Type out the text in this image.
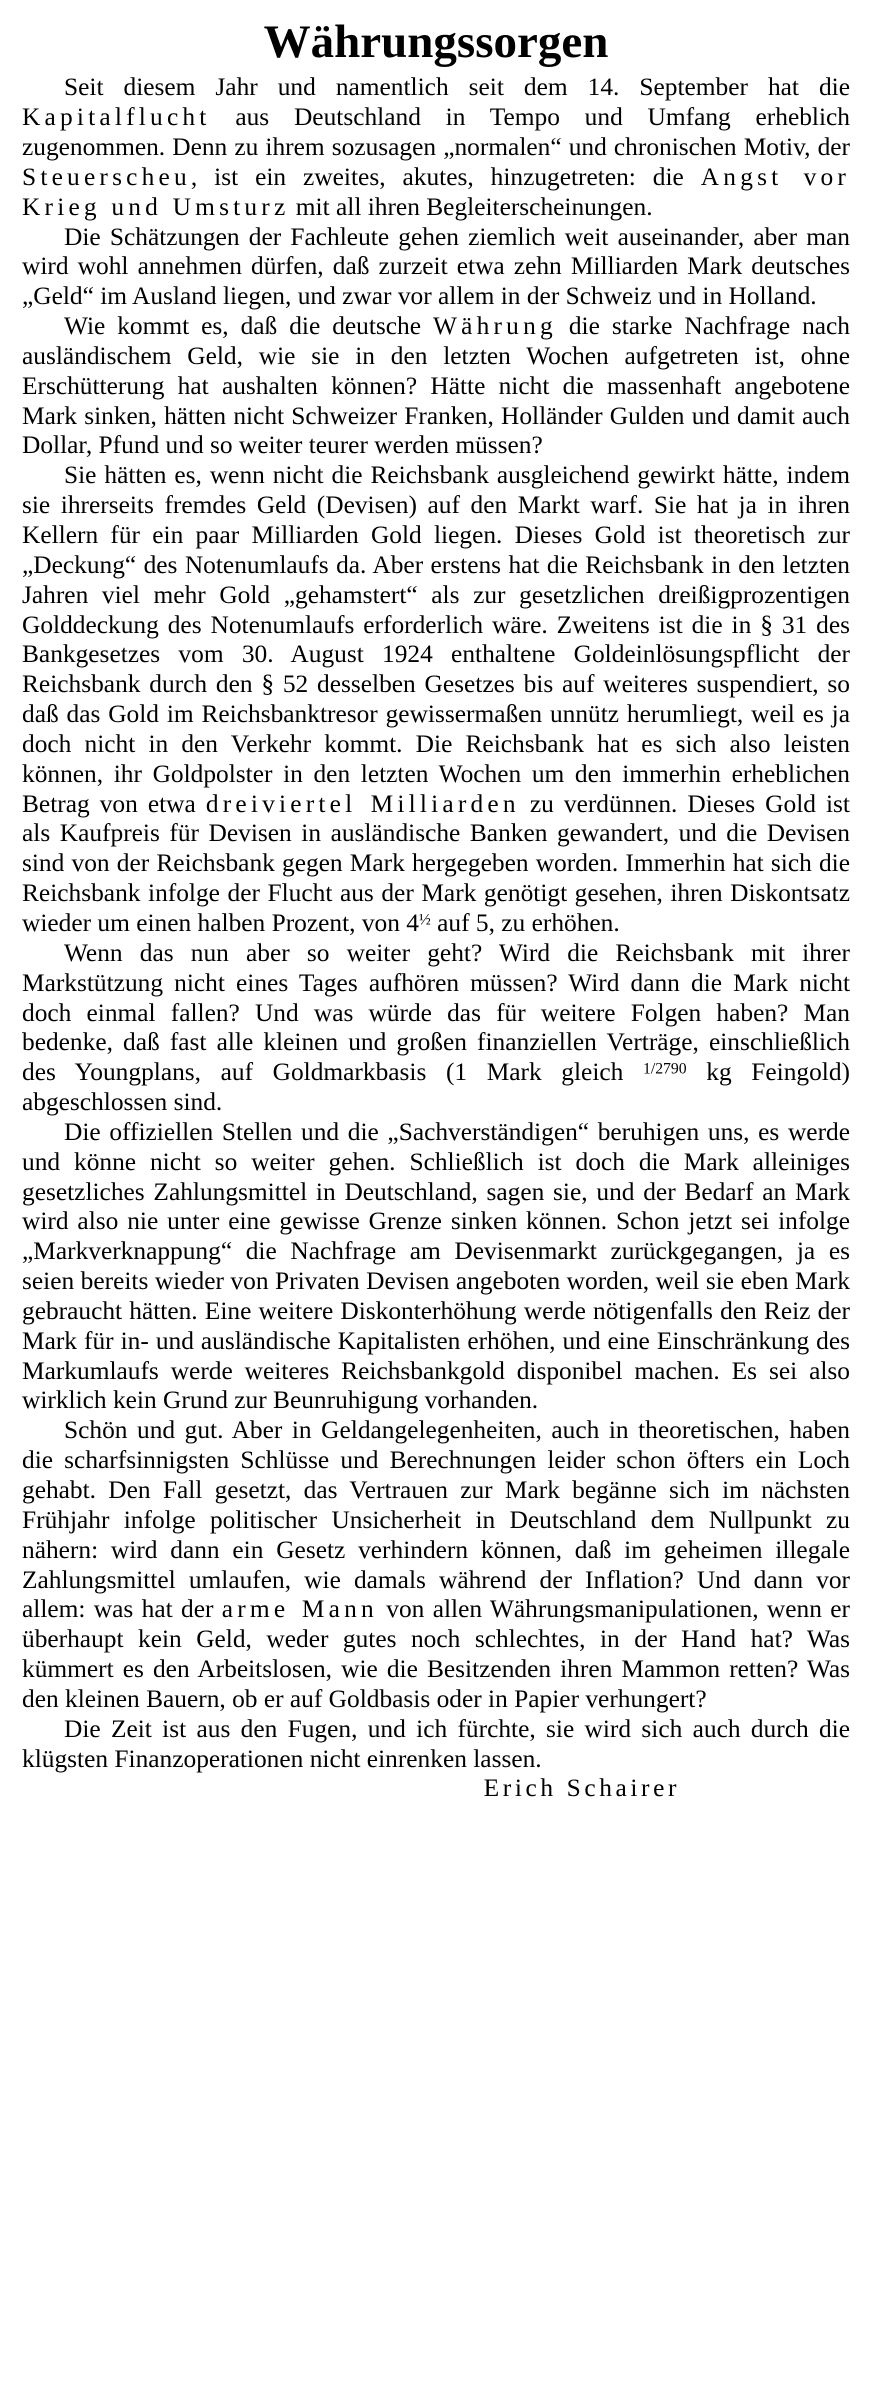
Währungssorgen

Seit diesem Jahr und namentlich seit dem 14. September hat die Kapitalflucht aus Deutschland in Tempo und Umfang erheblich zugenommen. Denn zu ihrem sozusagen „normalen“ und chronischen Motiv, der Steuerscheu, ist ein zweites, akutes, hinzugetreten: die Angst vor Krieg und Umsturz mit all ihren Begleiterscheinungen.

Die Schätzungen der Fachleute gehen ziemlich weit auseinander, aber man wird wohl annehmen dürfen, daß zurzeit etwa zehn Milliarden Mark deutsches „Geld“ im Ausland liegen, und zwar vor allem in der Schweiz und in Holland.

Wie kommt es, daß die deutsche Währung die starke Nachfrage nach ausländischem Geld, wie sie in den letzten Wochen aufgetreten ist, ohne Erschütterung hat aushalten können? Hätte nicht die massenhaft angebotene Mark sinken, hätten nicht Schweizer Franken, Holländer Gulden und damit auch Dollar, Pfund und so weiter teurer werden müssen?

Sie hätten es, wenn nicht die Reichsbank ausgleichend gewirkt hätte, indem sie ihrerseits fremdes Geld (Devisen) auf den Markt warf. Sie hat ja in ihren Kellern für ein paar Milliarden Gold liegen. Dieses Gold ist theoretisch zur „Deckung“ des Notenumlaufs da. Aber erstens hat die Reichsbank in den letzten Jahren viel mehr Gold „gehamstert“ als zur gesetzlichen dreißigprozentigen Golddeckung des Notenumlaufs erforderlich wäre. Zweitens ist die in § 31 des Bankgesetzes vom 30. August 1924 enthaltene Goldeinlösungspflicht der Reichsbank durch den § 52 desselben Gesetzes bis auf weiteres suspendiert, so daß das Gold im Reichsbanktresor gewissermaßen unnütz herumliegt, weil es ja doch nicht in den Verkehr kommt. Die Reichsbank hat es sich also leisten können, ihr Goldpolster in den letzten Wochen um den immerhin erheblichen Betrag von etwa dreiviertel Milliarden zu verdünnen. Dieses Gold ist als Kaufpreis für Devisen in ausländische Banken gewandert, und die Devisen sind von der Reichsbank gegen Mark hergegeben worden. Immerhin hat sich die Reichsbank infolge der Flucht aus der Mark genötigt gesehen, ihren Diskontsatz wieder um einen halben Prozent, von $4^{\frac{1}{2}}$ auf 5, zu erhöhen.

Wenn das nun aber so weiter geht? Wird die Reichsbank mit ihrer Markstützung nicht eines Tages aufhören müssen? Wird dann die Mark nicht doch einmal fallen? Und was würde das für weitere Folgen haben? Man bedenke, daß fast alle kleinen und großen finanziellen Verträge, einschließlich des Youngplans, auf Goldmarkbasis (1 Mark gleich $^{1/2790}$ kg Feingold) abgeschlossen sind.

Die offiziellen Stellen und die „Sachverständigen“ beruhigen uns, es werde und könne nicht so weiter gehen. Schließlich ist doch die Mark alleiniges gesetzliches Zahlungsmittel in Deutschland, sagen sie, und der Bedarf an Mark wird also nie unter eine gewisse Grenze sinken können. Schon jetzt sei infolge „Markverknappung“ die Nachfrage am Devisenmarkt zurückgegangen, ja es seien bereits wieder von Privaten Devisen angeboten worden, weil sie eben Mark gebraucht hätten. Eine weitere Diskonterhöhung werde nötigenfalls den Reiz der Mark für in- und ausländische Kapitalisten erhöhen, und eine Einschränkung des Markumlaufs werde weiteres Reichsbankgold disponibel machen. Es sei also wirklich kein Grund zur Beunruhigung vorhanden.

Schön und gut. Aber in Geldangelegenheiten, auch in theoretischen, haben die scharfsinnigsten Schlüsse und Berechnungen leider schon öfters ein Loch gehabt. Den Fall gesetzt, das Vertrauen zur Mark begänne sich im nächsten Frühjahr infolge politischer Unsicherheit in Deutschland dem Nullpunkt zu nähern: wird dann ein Gesetz verhindern können, daß im geheimen illegale Zahlungsmittel umlaufen, wie damals während der Inflation? Und dann vor allem: was hat der arme Mann von allen Währungsmanipulationen, wenn er überhaupt kein Geld, weder gutes noch schlechtes, in der Hand hat? Was kümmert es den Arbeitslosen, wie die Besitzenden ihren Mammon retten? Was den kleinen Bauern, ob er auf Goldbasis oder in Papier verhungert?

Die Zeit ist aus den Fugen, und ich fürchte, sie wird sich auch durch die klügsten Finanzoperationen nicht einrenken lassen.

Erich Schairer
